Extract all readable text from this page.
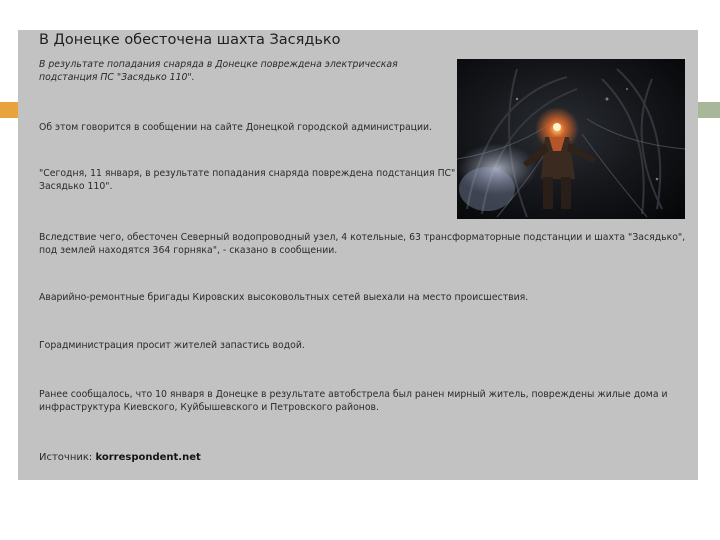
В Донецке обесточена шахта Засядько

В результате попадания снаряда в Донецке повреждена электрическая подстанция ПС "Засядько 110".

Об этом говорится в сообщении на сайте Донецкой городской администрации.

"Сегодня, 11 января, в результате попадания снаряда повреждена подстанция ПС" Засядько 110".

Вследствие чего, обесточен Северный водопроводный узел, 4 котельные, 63 трансформаторные подстанции и шахта "Засядько", под землей находятся 364 горняка", - сказано в сообщении.

Аварийно-ремонтные бригады Кировских высоковольтных сетей выехали на место происшествия.

Горадминистрация просит жителей запастись водой.

Ранее сообщалось, что 10 января в Донецке в результате автобстрела был ранен мирный житель, повреждены жилые дома и инфраструктура Киевского, Куйбышевского и Петровского районов.

Источник: korrespondent.net
